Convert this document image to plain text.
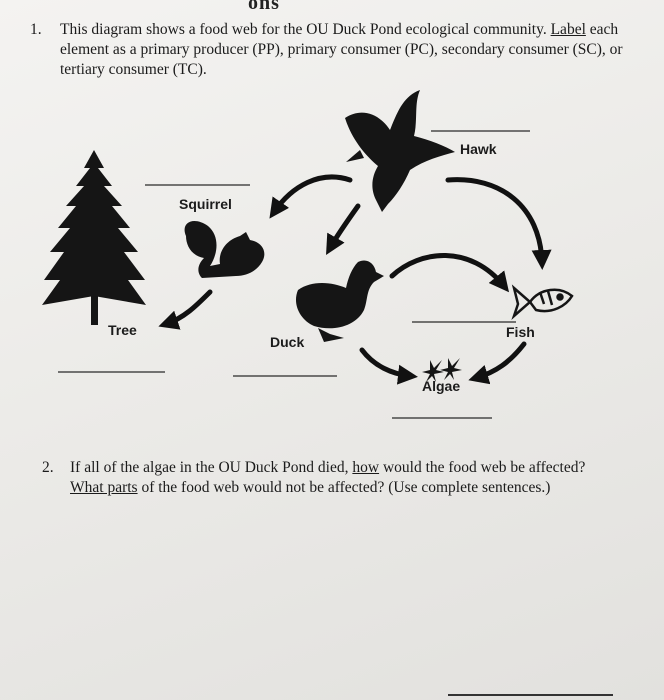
ons
1. This diagram shows a food web for the OU Duck Pond ecological community. Label each element as a primary producer (PP), primary consumer (PC), secondary consumer (SC), or tertiary consumer (TC).
Hawk
Squirrel
Tree
Duck
Fish
Algae
2. If all of the algae in the OU Duck Pond died, how would the food web be affected? What parts of the food web would not be affected? (Use complete sentences.)
